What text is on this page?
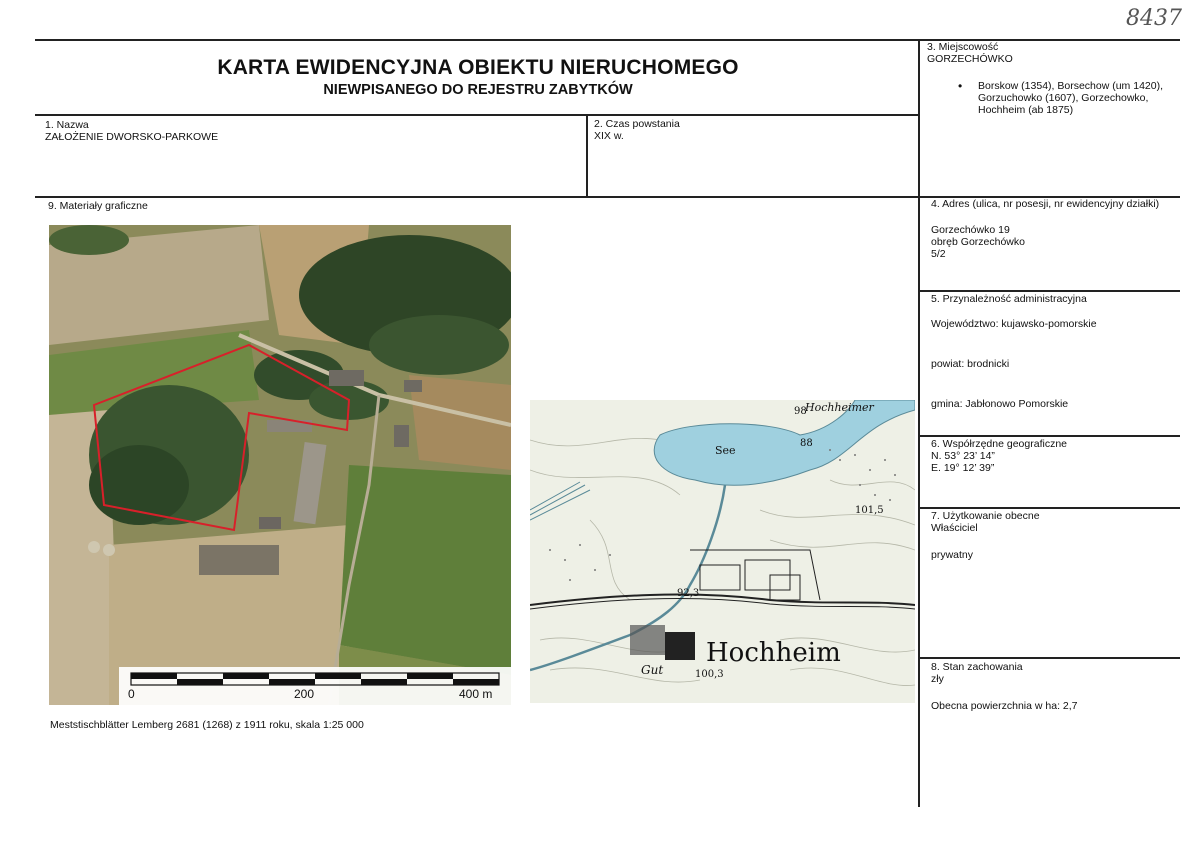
8437
KARTA EWIDENCYJNA OBIEKTU NIERUCHOMEGO
NIEWPISANEGO DO REJESTRU ZABYTKÓW
1. Nazwa
ZAŁOŻENIE DWORSKO-PARKOWE
2. Czas powstania
XIX w.
3. Miejscowość
GORZECHÓWKO
• Borskow (1354), Borsechow (um 1420), Gorzuchowko (1607), Gorzechowko, Hochheim (ab 1875)
9. Materiały graficzne	4. Adres (ulica, nr posesji, nr ewidencyjny działki)
Gorzechówko 19
obręb Gorzechówko
5/2
5. Przynależność administracyjna
Województwo: kujawsko-pomorskie
powiat: brodnicki
gmina: Jabłonowo Pomorskie
6. Współrzędne geograficzne
N. 53° 23’ 14”
E. 19° 12’ 39”
7. Użytkowanie obecne
Właściciel
prywatny
8. Stan zachowania
zły
Obecna powierzchnia w ha: 2,7
0	200	400 m
See
98
88
Hochheimer
101,5
92,3
Gut	100,3
Hochheim
Meststischblätter Lemberg 2681 (1268) z 1911 roku, skala 1:25 000
